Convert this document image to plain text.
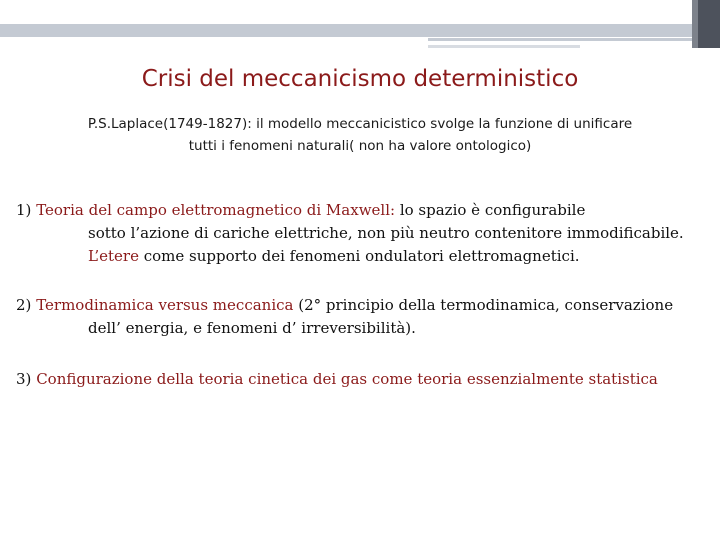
Crisi del meccanicismo deterministico
P.S.Laplace(1749-1827): il modello meccanicistico svolge la funzione di unificare
tutti i fenomeni naturali( non ha valore ontologico)
1) Teoria del campo elettromagnetico di Maxwell: lo spazio è configurabile
sotto l’azione di cariche elettriche, non più neutro contenitore immodificabile.
L’etere come supporto dei fenomeni ondulatori elettromagnetici.
2) Termodinamica versus meccanica (2° principio della termodinamica, conservazione
dell’ energia, e fenomeni d’ irreversibilità).
3) Configurazione della teoria cinetica dei gas come teoria essenzialmente statistica
